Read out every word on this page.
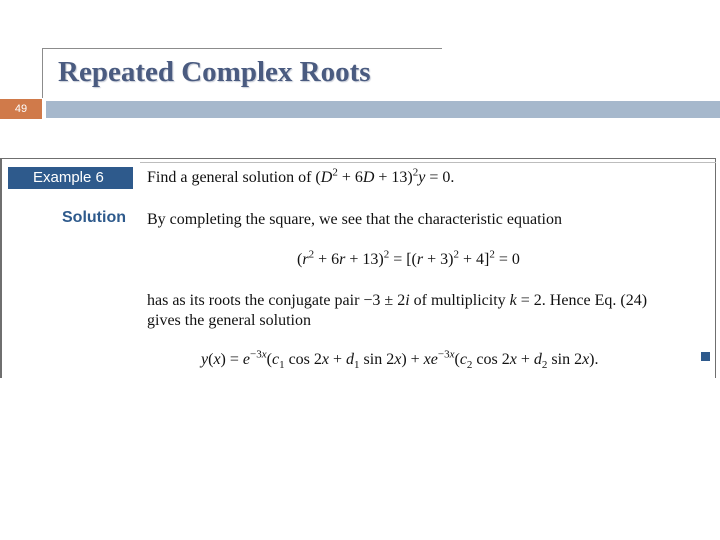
Repeated Complex Roots
49
Example 6	Find a general solution of $(D^2 + 6D + 13)^2y = 0$.
Solution By completing the square, we see that the characteristic equation
$(r^2 + 6r + 13)^2 = [(r + 3)^2 + 4]^2 = 0$
has as its roots the conjugate pair −3 ± 2i of multiplicity k = 2. Hence Eq. (24)
gives the general solution
$y(x) = e^{-3x}(c_1$ $\cos 2x + d_1$ $\sin 2x) + xe^{-3x}(c_2$ $\cos 2x + d_2$ sin 2x).
